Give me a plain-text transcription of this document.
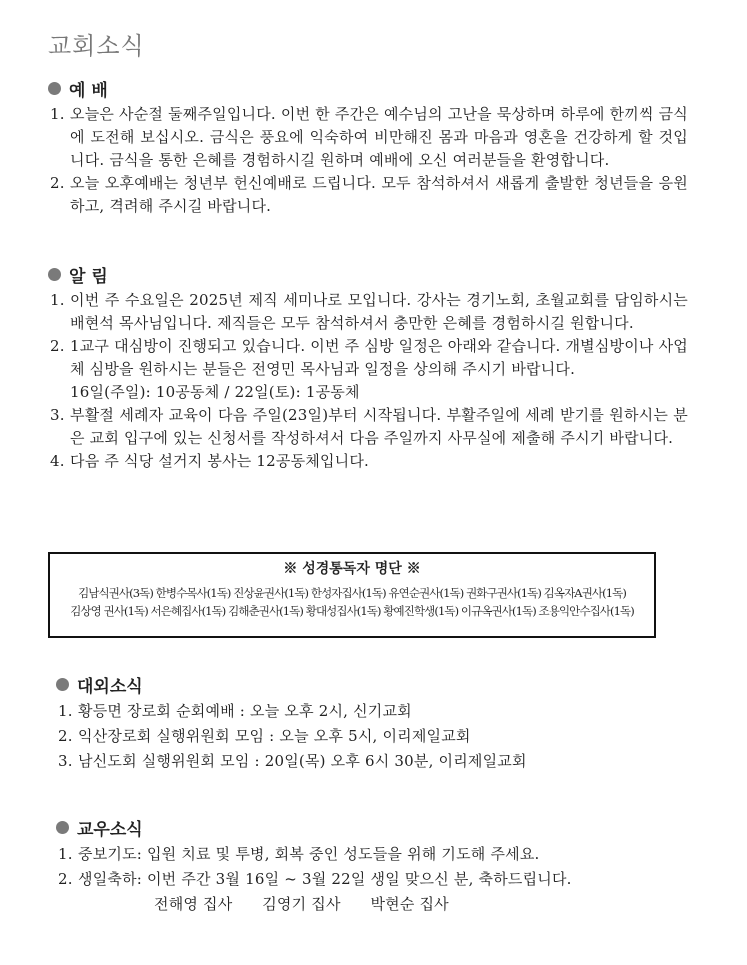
교회소식
예 배
1. 오늘은 사순절 둘째주일입니다. 이번 한 주간은 예수님의 고난을 묵상하며 하루에 한끼씩 금식에 도전해 보십시오. 금식은 풍요에 익숙하여 비만해진 몸과 마음과 영혼을 건강하게 할 것입니다. 금식을 통한 은혜를 경험하시길 원하며 예배에 오신 여러분들을 환영합니다.
2. 오늘 오후예배는 청년부 헌신예배로 드립니다. 모두 참석하셔서 새롭게 출발한 청년들을 응원하고, 격려해 주시길 바랍니다.
알 림
1. 이번 주 수요일은 2025년 제직 세미나로 모입니다. 강사는 경기노회, 초월교회를 담임하시는 배현석 목사님입니다. 제직들은 모두 참석하셔서 충만한 은혜를 경험하시길 원합니다.
2. 1교구 대심방이 진행되고 있습니다. 이번 주 심방 일정은 아래와 같습니다. 개별심방이나 사업체 심방을 원하시는 분들은 전영민 목사님과 일정을 상의해 주시기 바랍니다.
16일(주일): 10공동체 / 22일(토): 1공동체
3. 부활절 세례자 교육이 다음 주일(23일)부터 시작됩니다. 부활주일에 세례 받기를 원하시는 분은 교회 입구에 있는 신청서를 작성하셔서 다음 주일까지 사무실에 제출해 주시기 바랍니다.
4. 다음 주 식당 설거지 봉사는 12공동체입니다.
※ 성경통독자 명단 ※
김남식권사(3독) 한병수목사(1독) 진상윤권사(1독) 한성자집사(1독) 유연순권사(1독) 권화구권사(1독) 김옥자A권사(1독)
김상영 권사(1독) 서은혜집사(1독) 김해춘권사(1독) 황대성집사(1독) 황예진학생(1독) 이규옥권사(1독) 조용익안수집사(1독)
대외소식
1. 황등면 장로회 순회예배 : 오늘 오후 2시, 신기교회
2. 익산장로회 실행위원회 모임 : 오늘 오후 5시, 이리제일교회
3. 남신도회 실행위원회 모임 : 20일(목) 오후 6시 30분, 이리제일교회
교우소식
1. 중보기도: 입원 치료 및 투병, 회복 중인 성도들을 위해 기도해 주세요.
2. 생일축하: 이번 주간 3월 16일 ~ 3월 22일 생일 맞으신 분, 축하드립니다.
전해영 집사      김영기 집사      박현순 집사
